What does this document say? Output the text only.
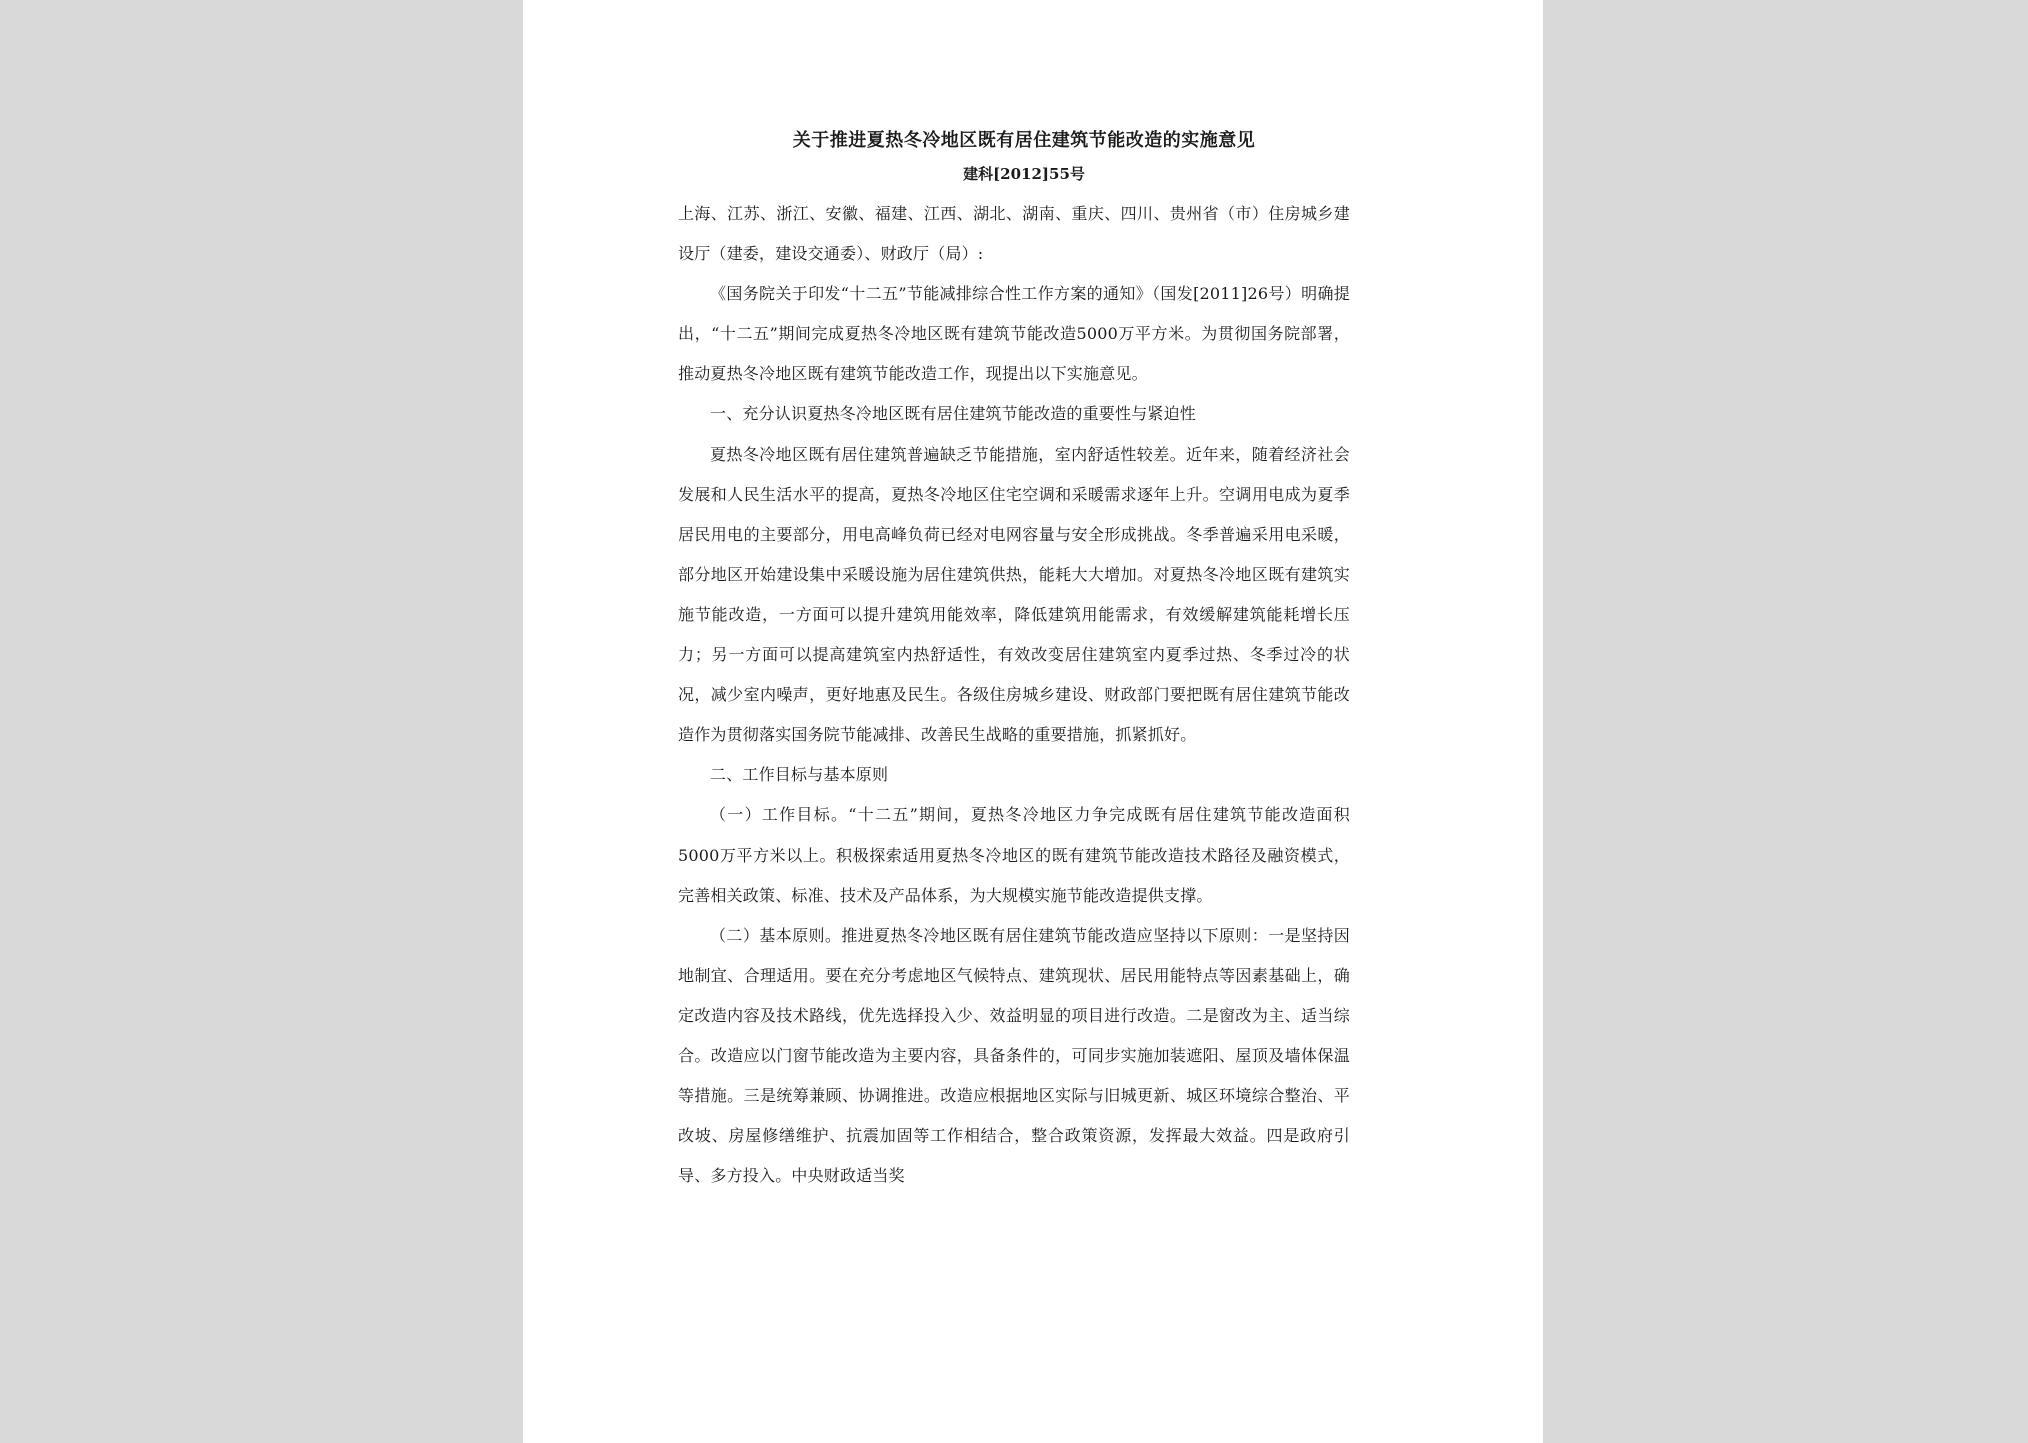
关于推进夏热冬冷地区既有居住建筑节能改造的实施意见
建科[2012]55号

上海、江苏、浙江、安徽、福建、江西、湖北、湖南、重庆、四川、贵州省（市）住房城乡建设厅（建委，建设交通委）、财政厅（局）:

《国务院关于印发“十二五”节能减排综合性工作方案的通知》（国发[2011]26号）明确提出，“十二五”期间完成夏热冬冷地区既有建筑节能改造5000万平方米。为贯彻国务院部署，推动夏热冬冷地区既有建筑节能改造工作，现提出以下实施意见。

一、充分认识夏热冬冷地区既有居住建筑节能改造的重要性与紧迫性

夏热冬冷地区既有居住建筑普遍缺乏节能措施，室内舒适性较差。近年来，随着经济社会发展和人民生活水平的提高，夏热冬冷地区住宅空调和采暖需求逐年上升。空调用电成为夏季居民用电的主要部分，用电高峰负荷已经对电网容量与安全形成挑战。冬季普遍采用电采暖，部分地区开始建设集中采暖设施为居住建筑供热，能耗大大增加。对夏热冬冷地区既有建筑实施节能改造，一方面可以提升建筑用能效率，降低建筑用能需求，有效缓解建筑能耗增长压力；另一方面可以提高建筑室内热舒适性，有效改变居住建筑室内夏季过热、冬季过冷的状况，减少室内噪声，更好地惠及民生。各级住房城乡建设、财政部门要把既有居住建筑节能改造作为贯彻落实国务院节能减排、改善民生战略的重要措施，抓紧抓好。

二、工作目标与基本原则

（一）工作目标。“十二五”期间，夏热冬冷地区力争完成既有居住建筑节能改造面积5000万平方米以上。积极探索适用夏热冬冷地区的既有建筑节能改造技术路径及融资模式，完善相关政策、标准、技术及产品体系，为大规模实施节能改造提供支撑。

（二）基本原则。推进夏热冬冷地区既有居住建筑节能改造应坚持以下原则：一是坚持因地制宜、合理适用。要在充分考虑地区气候特点、建筑现状、居民用能特点等因素基础上，确定改造内容及技术路线，优先选择投入少、效益明显的项目进行改造。二是窗改为主、适当综合。改造应以门窗节能改造为主要内容，具备条件的，可同步实施加装遮阳、屋顶及墙体保温等措施。三是统筹兼顾、协调推进。改造应根据地区实际与旧城更新、城区环境综合整治、平改坡、房屋修缮维护、抗震加固等工作相结合，整合政策资源，发挥最大效益。四是政府引导、多方投入。中央财政适当奖
